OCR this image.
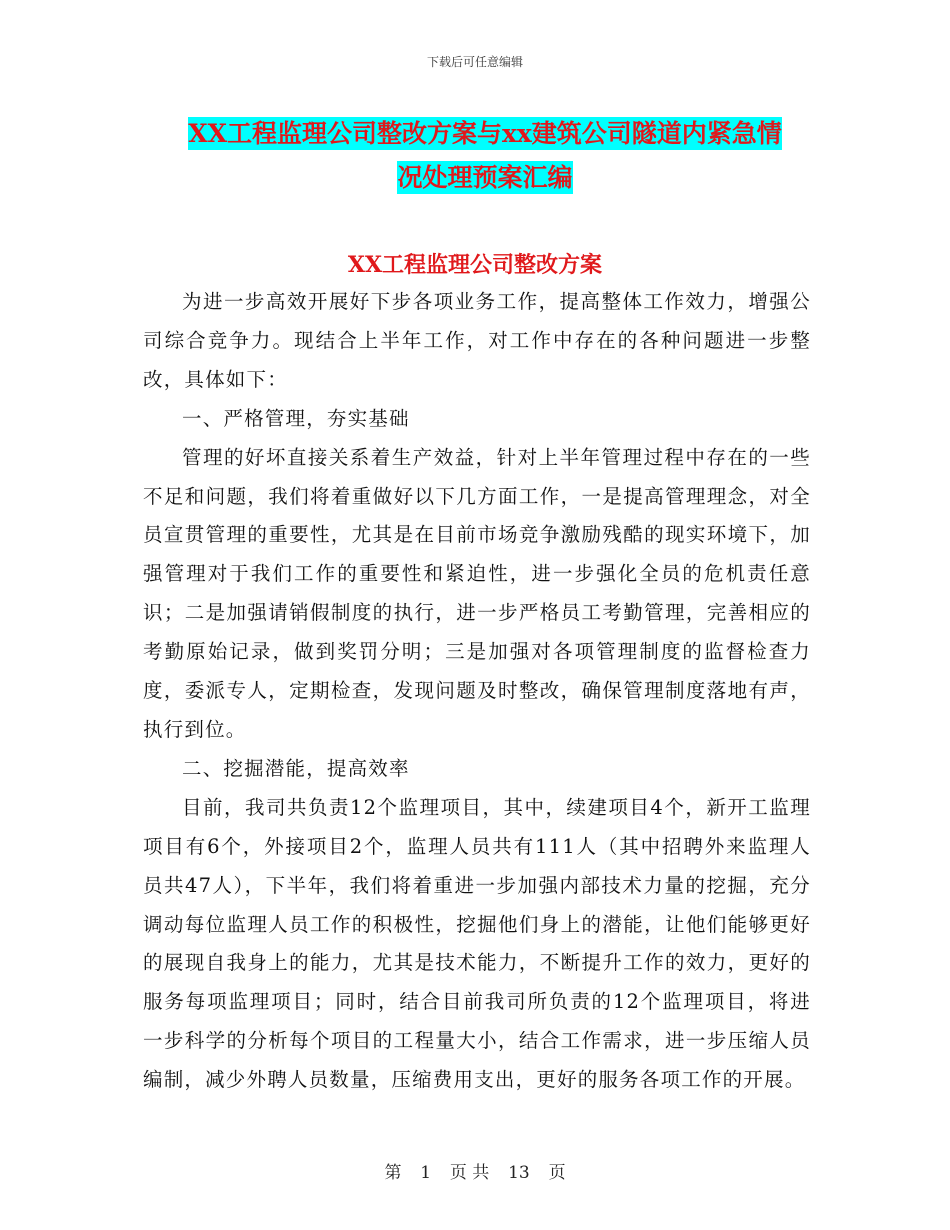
下载后可任意编辑
XX工程监理公司整改方案与xx建筑公司隧道内紧急情
况处理预案汇编
XX工程监理公司整改方案

为进一步高效开展好下步各项业务工作，提高整体工作效力，增强公司综合竞争力。现结合上半年工作，对工作中存在的各种问题进一步整改，具体如下：

一、严格管理，夯实基础

管理的好坏直接关系着生产效益，针对上半年管理过程中存在的一些不足和问题，我们将着重做好以下几方面工作，一是提高管理理念，对全员宣贯管理的重要性，尤其是在目前市场竞争激励残酷的现实环境下，加强管理对于我们工作的重要性和紧迫性，进一步强化全员的危机责任意识；二是加强请销假制度的执行，进一步严格员工考勤管理，完善相应的考勤原始记录，做到奖罚分明；三是加强对各项管理制度的监督检查力度，委派专人，定期检查，发现问题及时整改，确保管理制度落地有声，执行到位。

二、挖掘潜能，提高效率

目前，我司共负责12个监理项目，其中，续建项目4个，新开工监理项目有6个，外接项目2个，监理人员共有111人（其中招聘外来监理人员共47人），下半年，我们将着重进一步加强内部技术力量的挖掘，充分调动每位监理人员工作的积极性，挖掘他们身上的潜能，让他们能够更好的展现自我身上的能力，尤其是技术能力，不断提升工作的效力，更好的服务每项监理项目；同时，结合目前我司所负责的12个监理项目，将进一步科学的分析每个项目的工程量大小，结合工作需求，进一步压缩人员编制，减少外聘人员数量，压缩费用支出，更好的服务各项工作的开展。

第 1 页 共 13 页
